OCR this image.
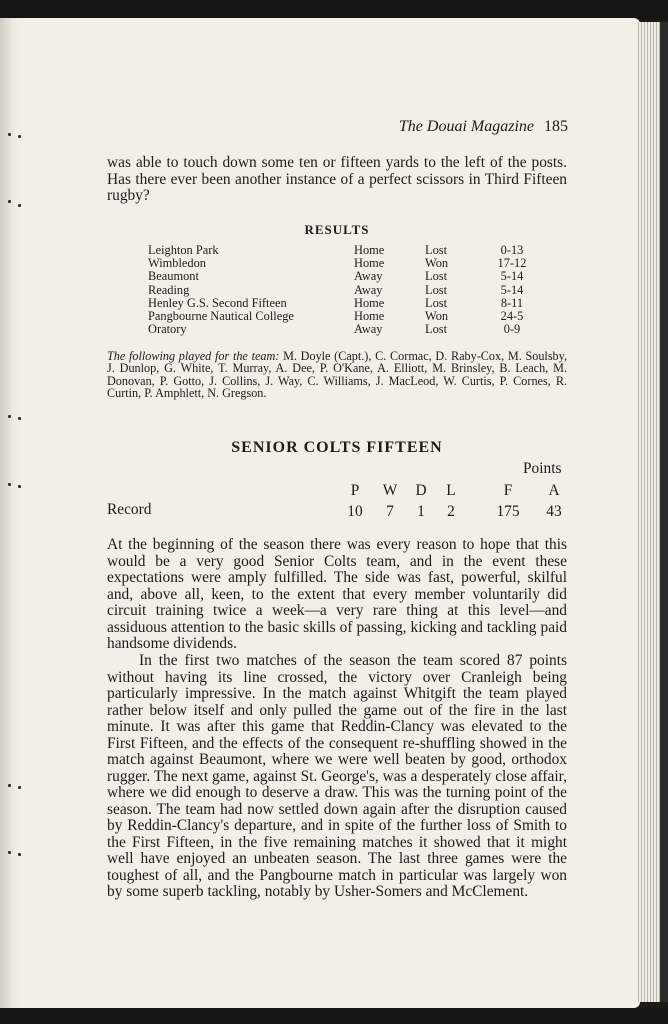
The Douai Magazine 185
was able to touch down some ten or fifteen yards to the left of the posts. Has there ever been another instance of a perfect scissors in Third Fifteen rugby?
RESULTS
Leighton Park	Home	Lost	0-13
Wimbledon	Home	Won	17-12
Beaumont	Away	Lost	5-14
Reading	Away	Lost	5-14
Henley G.S. Second Fifteen	Home	Lost	8-11
Pangbourne Nautical College	Home	Won	24-5
Oratory	Away	Lost	0-9
The following played for the team: M. Doyle (Capt.), C. Cormac, D. Raby-Cox, M. Soulsby, J. Dunlop, G. White, T. Murray, A. Dee, P. O'Kane, A. Elliott, M. Brinsley, B. Leach, M. Donovan, P. Gotto, J. Collins, J. Way, C. Williams, J. MacLeod, W. Curtis, P. Cornes, R. Curtin, P. Amphlett, N. Gregson.
SENIOR COLTS FIFTEEN
Points
P	W	D	L	F	A
Record	10	7	1	2	175	43
At the beginning of the season there was every reason to hope that this would be a very good Senior Colts team, and in the event these expectations were amply fulfilled. The side was fast, powerful, skilful and, above all, keen, to the extent that every member voluntarily did circuit training twice a week—a very rare thing at this level—and assiduous attention to the basic skills of passing, kicking and tackling paid handsome dividends.
In the first two matches of the season the team scored 87 points without having its line crossed, the victory over Cranleigh being particularly impressive. In the match against Whitgift the team played rather below itself and only pulled the game out of the fire in the last minute. It was after this game that Reddin-Clancy was elevated to the First Fifteen, and the effects of the consequent re-shuffling showed in the match against Beaumont, where we were well beaten by good, orthodox rugger. The next game, against St. George's, was a desperately close affair, where we did enough to deserve a draw. This was the turning point of the season. The team had now settled down again after the disruption caused by Reddin-Clancy's departure, and in spite of the further loss of Smith to the First Fifteen, in the five remaining matches it showed that it might well have enjoyed an unbeaten season. The last three games were the toughest of all, and the Pangbourne match in particular was largely won by some superb tackling, notably by Usher-Somers and McClement.
